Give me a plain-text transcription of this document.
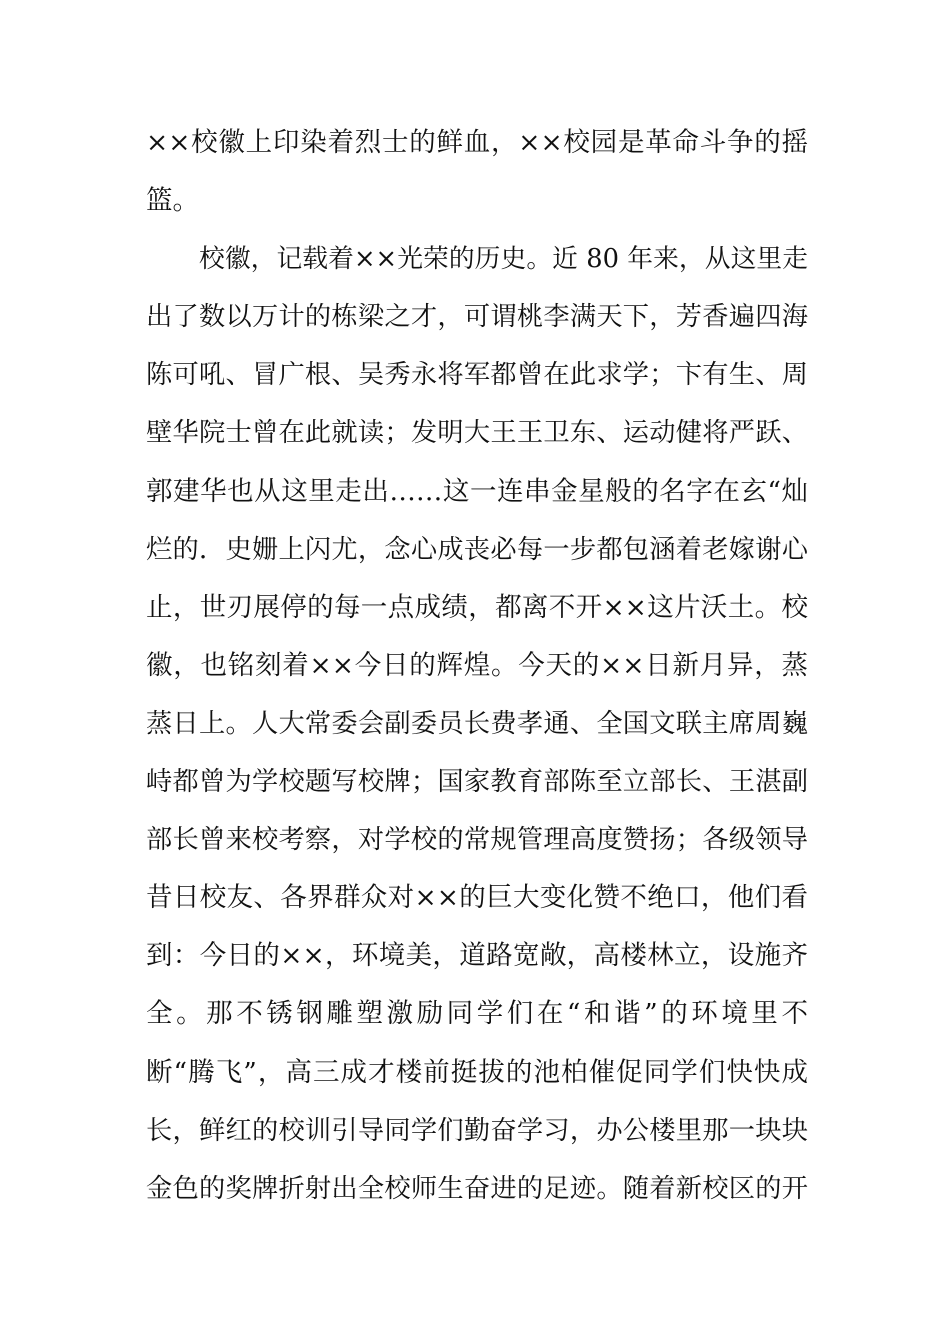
××校徽上印染着烈士的鲜血，××校园是革命斗争的摇
篮。
校徽，记载着××光荣的历史。近 80 年来，从这里走
出了数以万计的栋梁之才，可谓桃李满天下，芳香遍四海
陈可吼、冒广根、吴秀永将军都曾在此求学；卞有生、周
壁华院士曾在此就读；发明大王王卫东、运动健将严跃、
郭建华也从这里走出……这一连串金星般的名字在玄“灿
烂的．史姗上闪尤，念心成丧必每一步都包涵着老嫁谢心
止，世刃展停的每一点成绩，都离不开××这片沃土。校
徽，也铭刻着××今日的辉煌。今天的××日新月异，蒸
蒸日上。人大常委会副委员长费孝通、全国文联主席周巍
峙都曾为学校题写校牌；国家教育部陈至立部长、王湛副
部长曾来校考察，对学校的常规管理高度赞扬；各级领导
昔日校友、各界群众对××的巨大变化赞不绝口，他们看
到：今日的××，环境美，道路宽敞，高楼林立，设施齐
全。那不锈钢雕塑激励同学们在“和谐”的环境里不
断“腾飞”，高三成才楼前挺拔的池柏催促同学们快快成
长，鲜红的校训引导同学们勤奋学习，办公楼里那一块块
金色的奖牌折射出全校师生奋进的足迹。随着新校区的开
